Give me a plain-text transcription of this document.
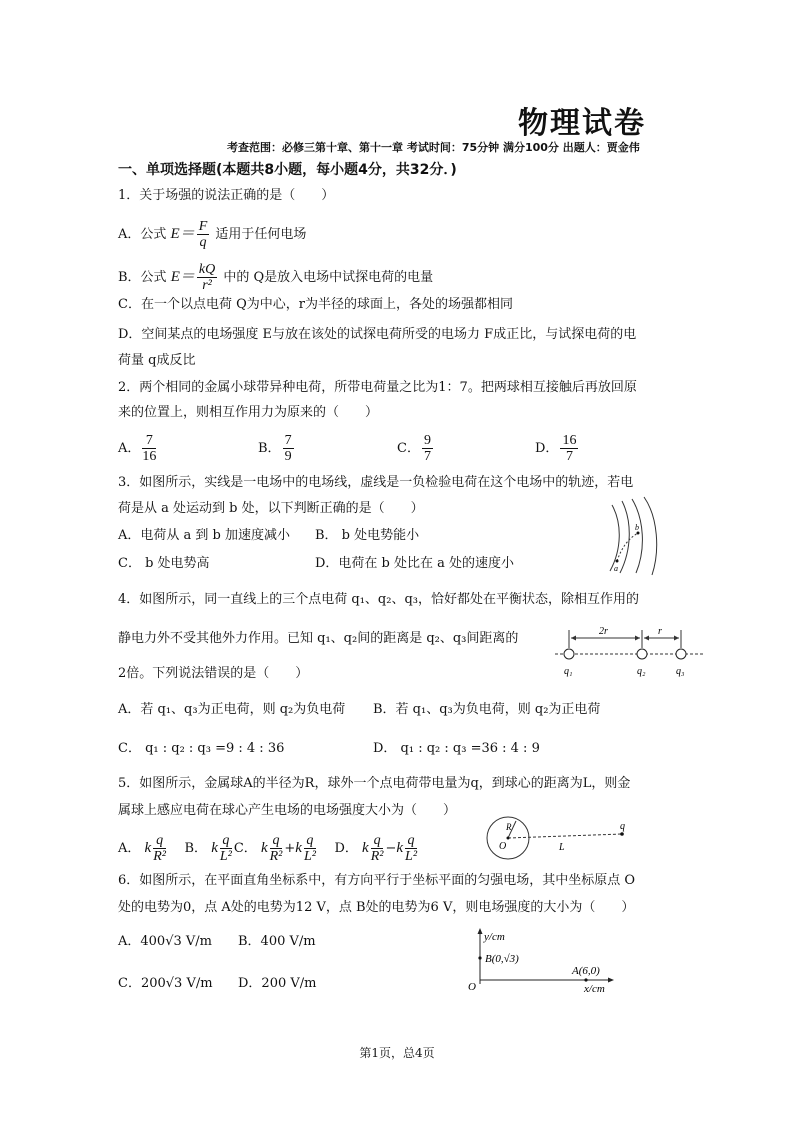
物理试卷
考查范围：必修三第十章、第十一章 考试时间：75分钟 满分100分 出题人：贾金伟
一、单项选择题(本题共8小题，每小题4分，共32分．)
1．关于场强的说法正确的是（　　）
A．公式 $E= \frac{F}{q}$ 适用于任何电场
B．公式 $E= \frac{kQ}{\text{r²}}$ 中的 Q是放入电场中试探电荷的电量
C．在一个以点电荷 Q为中心，r为半径的球面上，各处的场强都相同
D．空间某点的电场强度 E与放在该处的试探电荷所受的电场力 F成正比，与试探电荷的电
荷量 q成反比
2．两个相同的金属小球带异种电荷，所带电荷量之比为1：7。把两球相互接触后再放回原
来的位置上，则相互作用力为原来的（　　）
A． $\frac{7}{16}$	B． $\frac{7}{9}$	C． $\frac{9}{7}$	D． $\frac{16}{7}$
3．如图所示，实线是一电场中的电场线，虚线是一负检验电荷在这个电场中的轨迹，若电
荷是从 a 处运动到 b 处，以下判断正确的是（　　）
A．电荷从 a 到 b 加速度减小 B． b 处电势能小
C． b 处电势高	D．电荷在 b 处比在 a 处的速度小	a
b
4．如图所示，同一直线上的三个点电荷 q₁、q₂、q₃，恰好都处在平衡状态，除相互作用的
静电力外不受其他外力作用。已知 q₁、q₂间的距离是 q₂、q₃间距离的
2倍。下列说法错误的是（　　）
A．若 q₁、q₃为正电荷，则 q₂为负电荷 B．若 q₁、q₃为负电荷，则 q₂为正电荷
C． q₁ : q₂ : q₃ =9 : 4 : 36	D． q₁ : q₂ : q₃ =36 : 4 : 9
2r	r
q₁	q₂	q₃
5．如图所示，金属球A的半径为R，球外一个点电荷带电量为q，到球心的距离为L，则金
属球上感应电荷在球心产生电场的电场强度大小为（　　）
A． k $\frac{q}{\text{R²}}$ B． k $\frac{q}{\text{L²}}$ C． k $\frac{q}{\text{R²}} +k \frac{q}{\text{L²}}$ D． k $\frac{q}{\text{R²}} -k \frac{q}{\text{L²}}$
R
O	L
q
6．如图所示，在平面直角坐标系中，有方向平行于坐标平面的匀强电场，其中坐标原点 O
处的电势为0，点 A处的电势为12 V，点 B处的电势为6 V，则电场强度的大小为（　　）
A．400√3 V/m B．400 V/m
C．200√3 V/m D．200 V/m
y/cm
B(0,√3)
A(6,0)
O	x/cm
第1页，总4页
